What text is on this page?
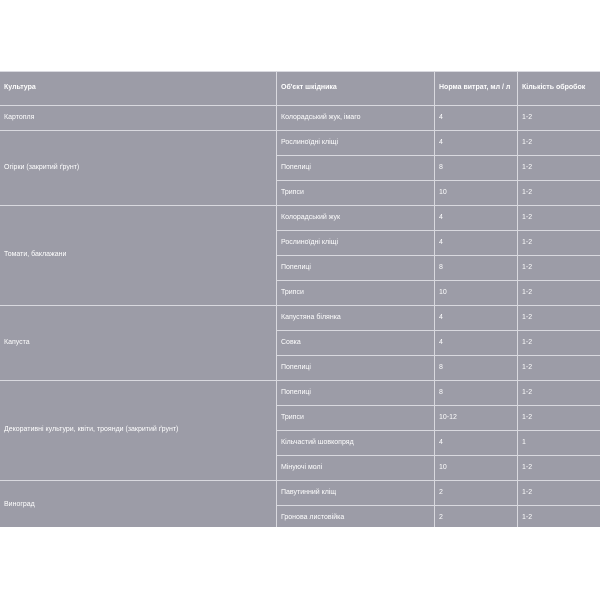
Культура	Об'єкт шкідника	Норма витрат, мл / л	Кількість обробок
Картопля	Колорадський жук, імаго	4	1-2
Огірки (закритий ґрунт)	Рослиноїдні кліщі	4	1-2
	Попелиці	8	1-2
	Трипси	10	1-2
Томати, баклажани	Колорадський жук	4	1-2
	Рослиноїдні кліщі	4	1-2
	Попелиці	8	1-2
	Трипси	10	1-2
Капуста	Капустяна білянка	4	1-2
	Совка	4	1-2
	Попелиці	8	1-2
Декоративні культури, квіти, троянди (закритий ґрунт)	Попелиці	8	1-2
	Трипси	10-12	1-2
	Кільчастий шовкопряд	4	1
	Мінуючі молі	10	1-2
Виноград	Павутинний кліщ	2	1-2
	Гронова листовійка	2	1-2
